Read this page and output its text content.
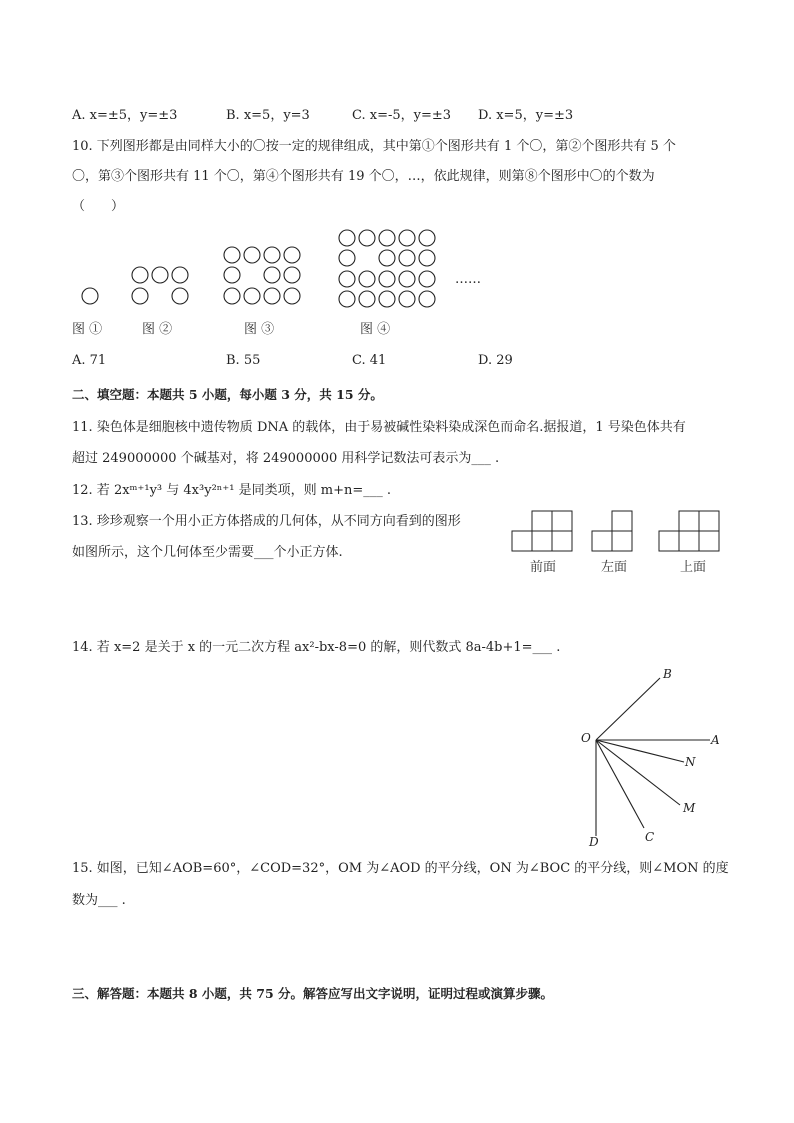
A. x=±5，y=±3	B. x=5，y=3	C. x=-5，y=±3 D. x=5，y=±3
10. 下列图形都是由同样大小的〇按一定的规律组成，其中第①个图形共有 1 个〇，第②个图形共有 5 个
〇，第③个图形共有 11 个〇，第④个图形共有 19 个〇，…，依此规律，则第⑧个图形中〇的个数为
（　　）
……
图 ①	图 ②	图 ③	图 ④
A. 71	B. 55	C. 41	D. 29
二、填空题：本题共 5 小题，每小题 3 分，共 15 分。
11. 染色体是细胞核中遗传物质 DNA 的载体，由于易被碱性染料染成深色而命名.据报道，1 号染色体共有
超过 249000000 个碱基对，将 249000000 用科学记数法可表示为___ .
12. 若 2xᵐ⁺¹y³ 与 4x³y²ⁿ⁺¹ 是同类项，则 m+n=___ .
13. 珍珍观察一个用小正方体搭成的几何体，从不同方向看到的图形
如图所示，这个几何体至少需要___个小正方体.
前面	左面	上面
14. 若 x=2 是关于 x 的一元二次方程 ax²-bx-8=0 的解，则代数式 8a-4b+1=___ .
B
O	A
N
M
C
D
15. 如图，已知∠AOB=60°，∠COD=32°，OM 为∠AOD 的平分线，ON 为∠BOC 的平分线，则∠MON 的度
数为___ .
三、解答题：本题共 8 小题，共 75 分。解答应写出文字说明，证明过程或演算步骤。
